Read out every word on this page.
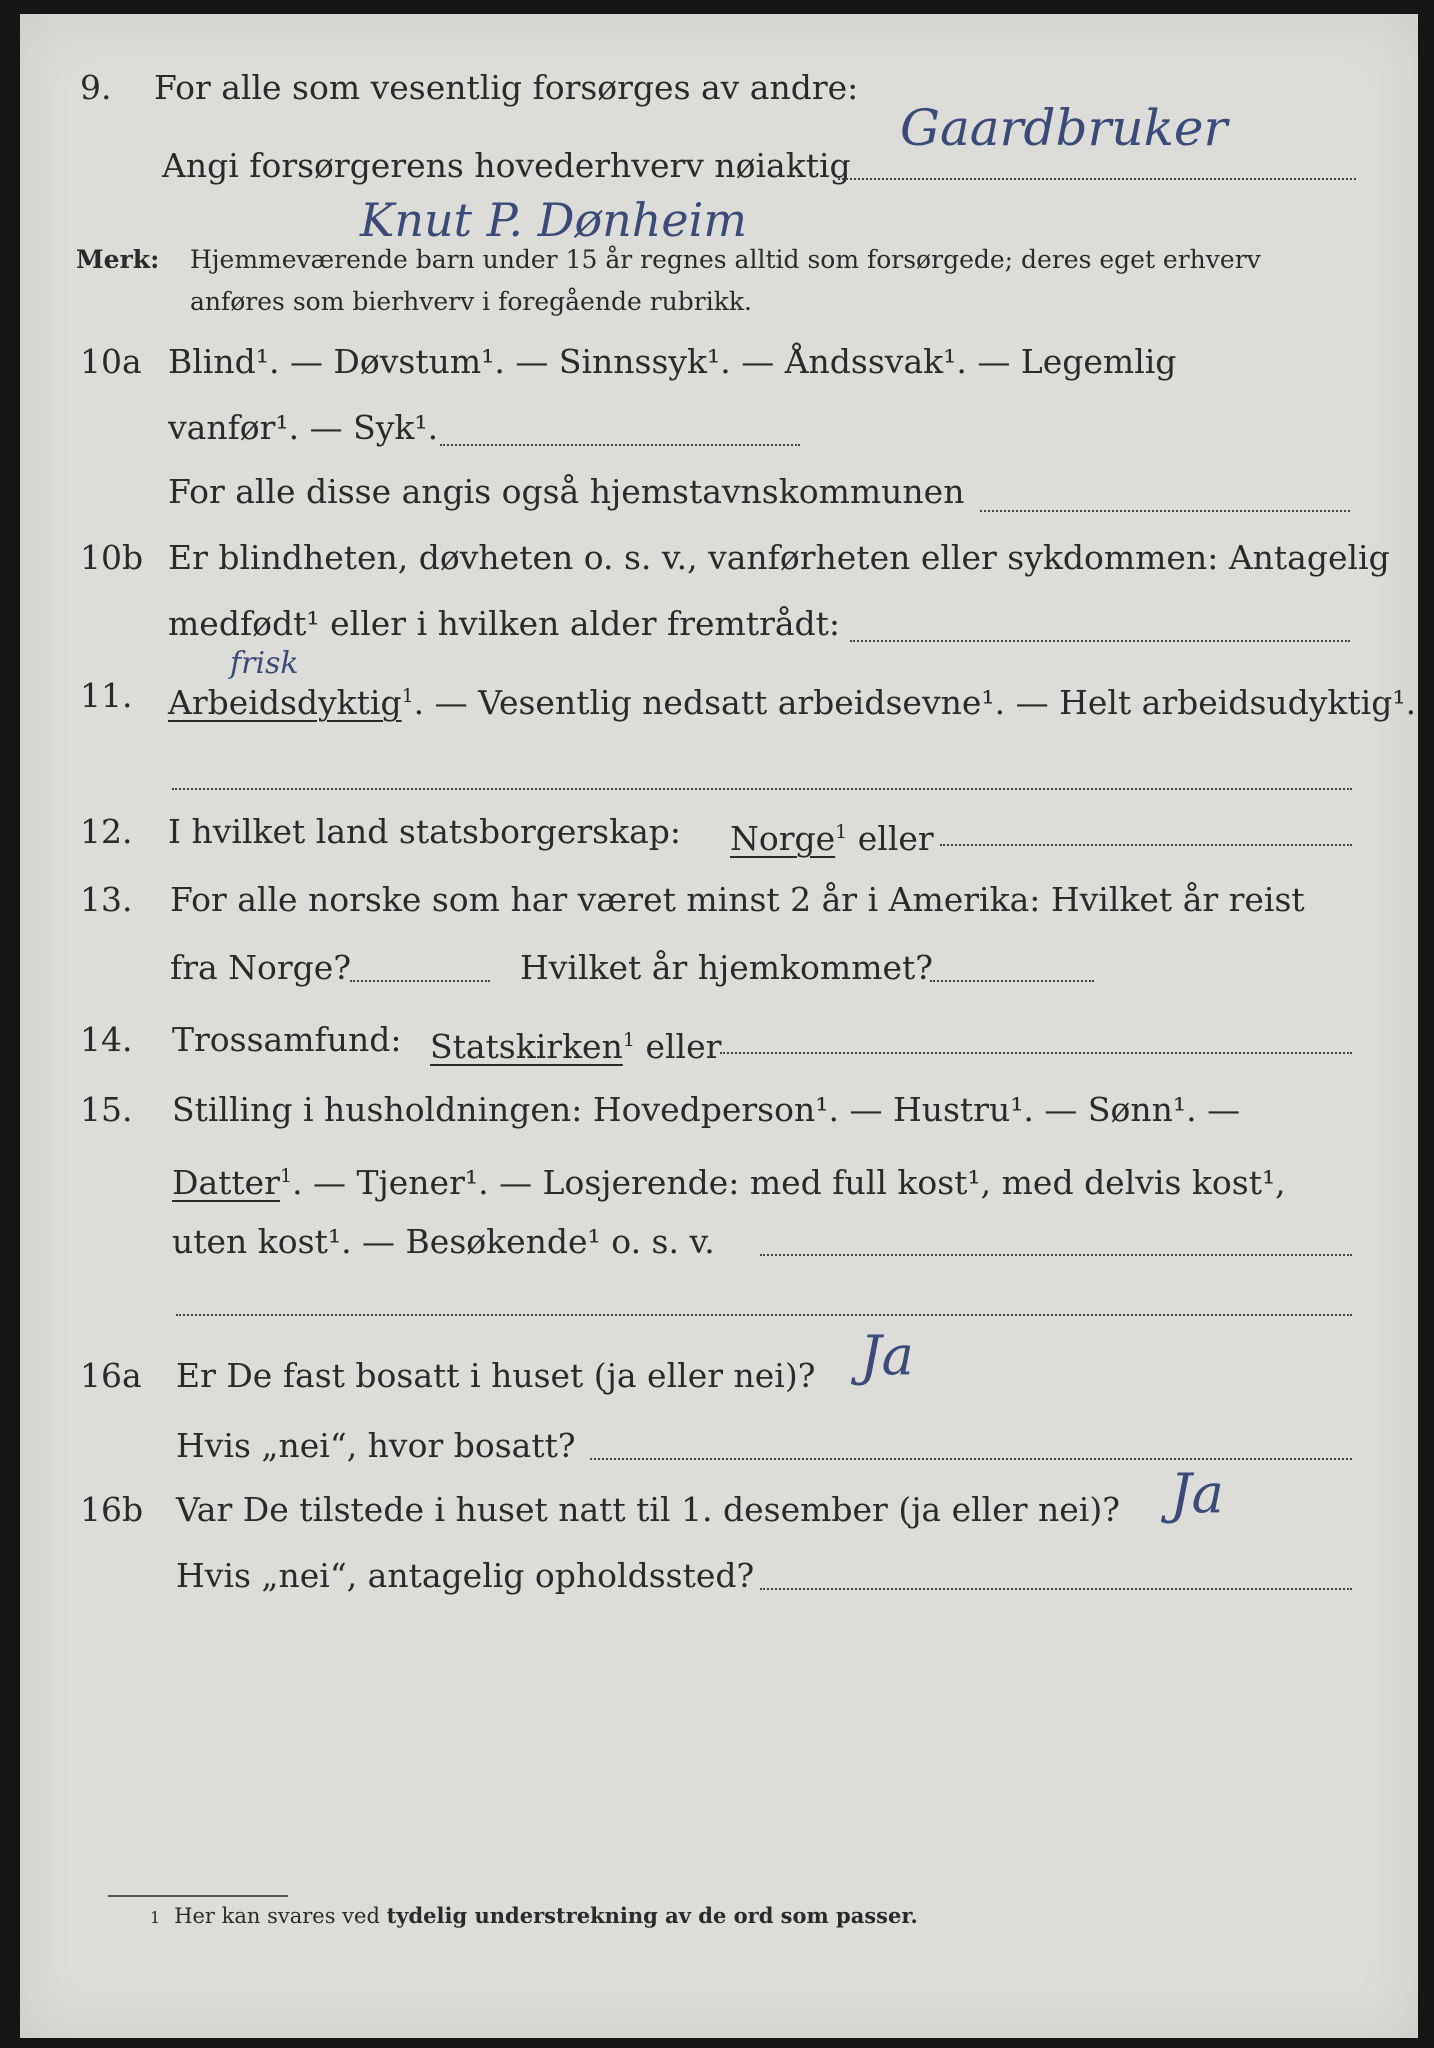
9. For alle som vesentlig forsørges av andre:
Angi forsørgerens hovederhverv nøiaktig
Gaardbruker
Knut P. Dønheim
Merk: Hjemmeværende barn under 15 år regnes alltid som forsørgede; deres eget erhverv
anføres som bierhverv i foregående rubrikk.
10a Blind¹. — Døvstum¹. — Sinnssyk¹. — Åndssvak¹. — Legemlig
vanfør¹. — Syk¹.
For alle disse angis også hjemstavnskommunen
10b Er blindheten, døvheten o. s. v., vanførheten eller sykdommen: Antagelig
medfødt¹ eller i hvilken alder fremtrådt:
11. Arbeidsdyktig$^1$. — Vesentlig nedsatt arbeidsevne¹. — Helt arbeidsudyktig¹.
frisk
12. I hvilket land statsborgerskap: Norge$^1$ eller
13. For alle norske som har været minst 2 år i Amerika: Hvilket år reist
fra Norge?	Hvilket år hjemkommet?
14. Trossamfund: Statskirken$^1$ eller
15. Stilling i husholdningen: Hovedperson¹. — Hustru¹. — Sønn¹. —
Datter$^1$. — Tjener¹. — Losjerende: med full kost¹, med delvis kost¹,
uten kost¹. — Besøkende¹ o. s. v.
16a Er De fast bosatt i huset (ja eller nei)? Ja
Hvis „nei“, hvor bosatt?
16b Var De tilstede i huset natt til 1. desember (ja eller nei)? Ja
Hvis „nei“, antagelig opholdssted?
1 Her kan svares ved tydelig understrekning av de ord som passer.
